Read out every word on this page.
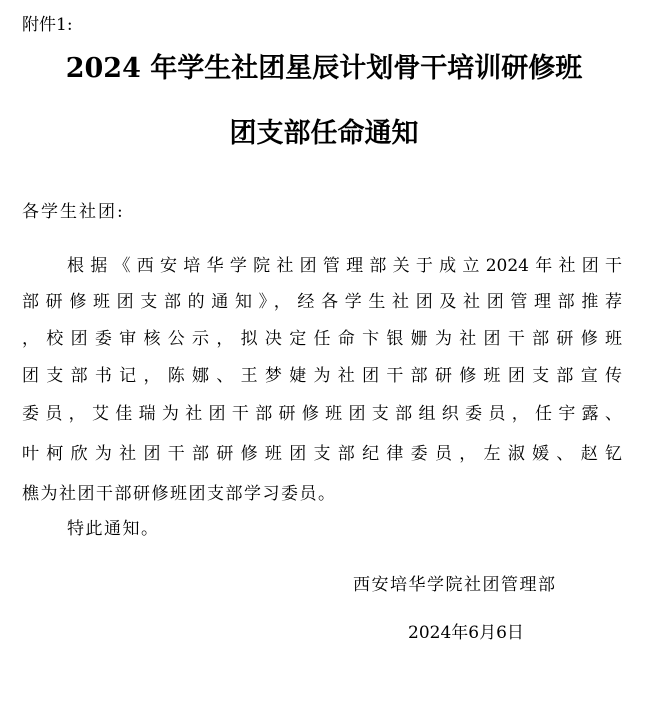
附件1:
2024 年学生社团星辰计划骨干培训研修班
团支部任命通知
各学生社团:
根据《西安培华学院社团管理部关于成立2024年社团干
部研修班团支部的通知》，经各学生社团及社团管理部推荐
，校团委审核公示，拟决定任命卞银姗为社团干部研修班
团支部书记，陈娜、王梦婕为社团干部研修班团支部宣传
委员，艾佳瑞为社团干部研修班团支部组织委员，任宇露、
叶柯欣为社团干部研修班团支部纪律委员，左淑媛、赵钇
樵为社团干部研修班团支部学习委员。
特此通知。
西安培华学院社团管理部
2024年6月6日
